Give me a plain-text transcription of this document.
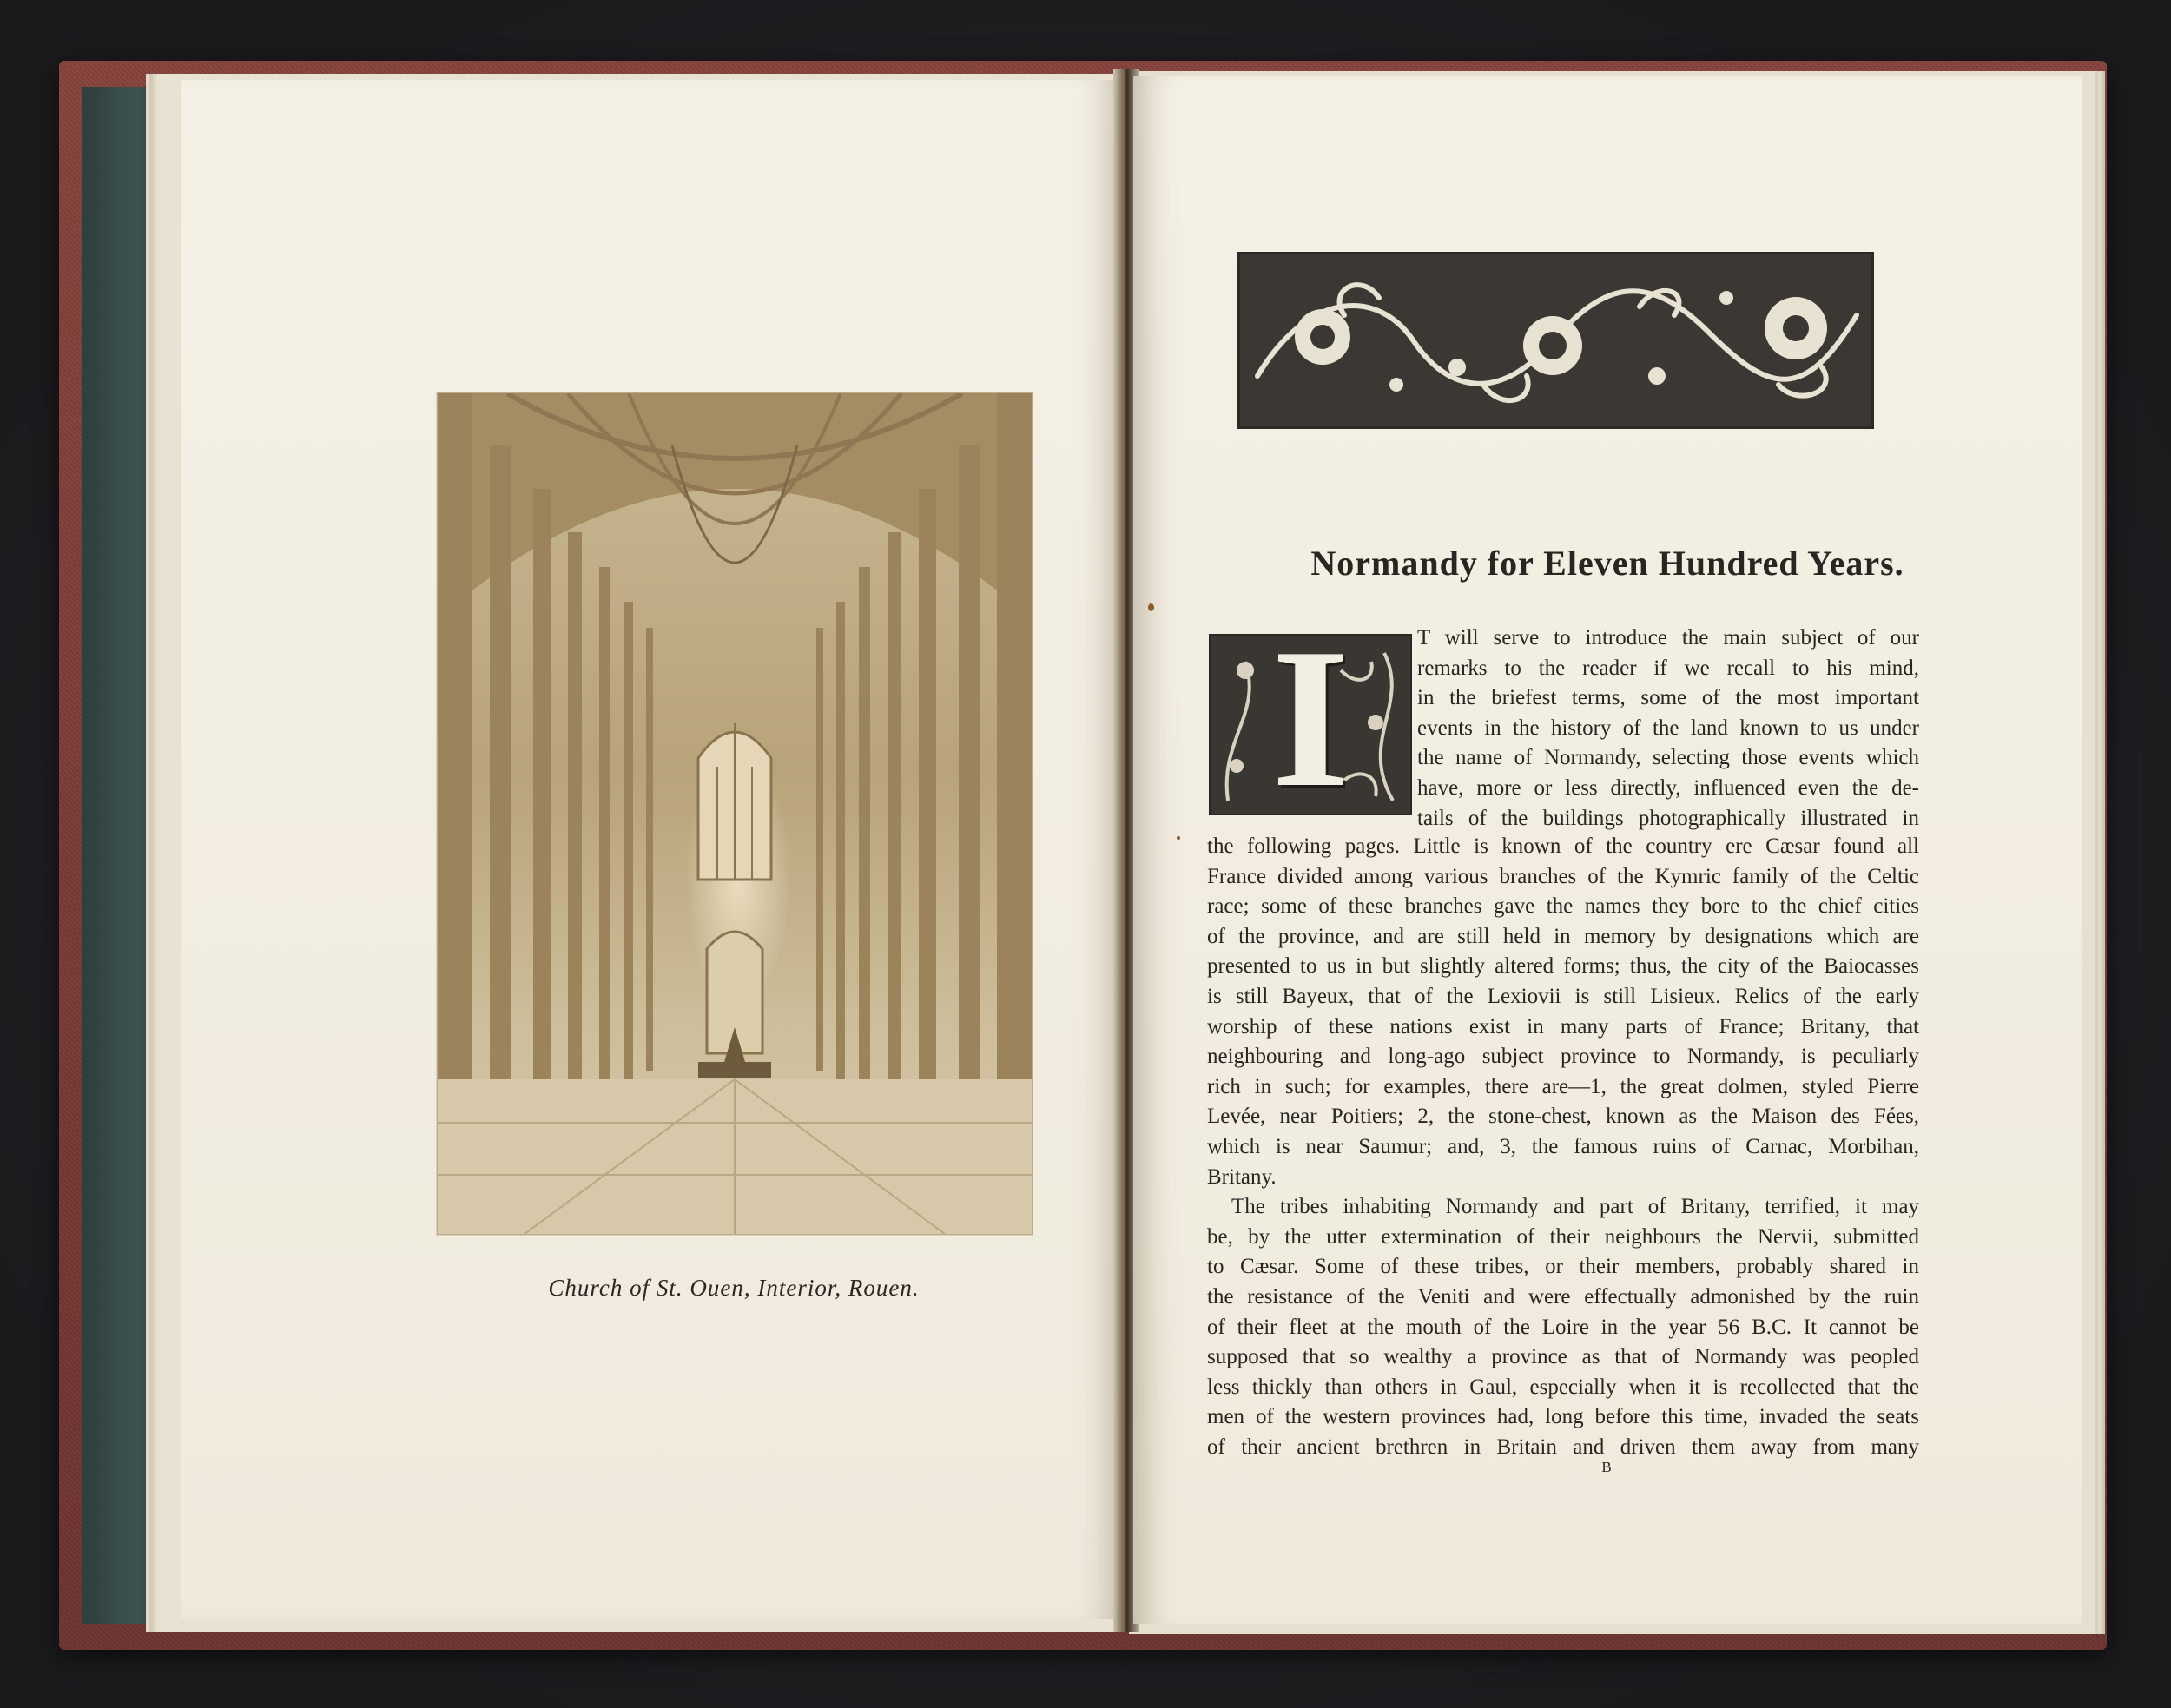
Church of St. Ouen, Interior, Rouen.
Normandy for Eleven Hundred Years.
I	T will serve to introduce the main subject of our
remarks to the reader if we recall to his mind,
in the briefest terms, some of the most important
events in the history of the land known to us under
the name of Normandy, selecting those events which
have, more or less directly, influenced even the de-
tails of the buildings photographically illustrated in
the following pages. Little is known of the country ere Cæsar found all
France divided among various branches of the Kymric family of the Celtic
race; some of these branches gave the names they bore to the chief cities
of the province, and are still held in memory by designations which are
presented to us in but slightly altered forms; thus, the city of the Baiocasses
is still Bayeux, that of the Lexiovii is still Lisieux. Relics of the early
worship of these nations exist in many parts of France; Britany, that
neighbouring and long-ago subject province to Normandy, is peculiarly
rich in such; for examples, there are—1, the great dolmen, styled Pierre
Levée, near Poitiers; 2, the stone-chest, known as the Maison des Fées,
which is near Saumur; and, 3, the famous ruins of Carnac, Morbihan,
Britany.
The tribes inhabiting Normandy and part of Britany, terrified, it may
be, by the utter extermination of their neighbours the Nervii, submitted
to Cæsar. Some of these tribes, or their members, probably shared in
the resistance of the Veniti and were effectually admonished by the ruin
of their fleet at the mouth of the Loire in the year 56 B.C. It cannot be
supposed that so wealthy a province as that of Normandy was peopled
less thickly than others in Gaul, especially when it is recollected that the
men of the western provinces had, long before this time, invaded the seats
of their ancient brethren in Britain and driven them away from many
B
